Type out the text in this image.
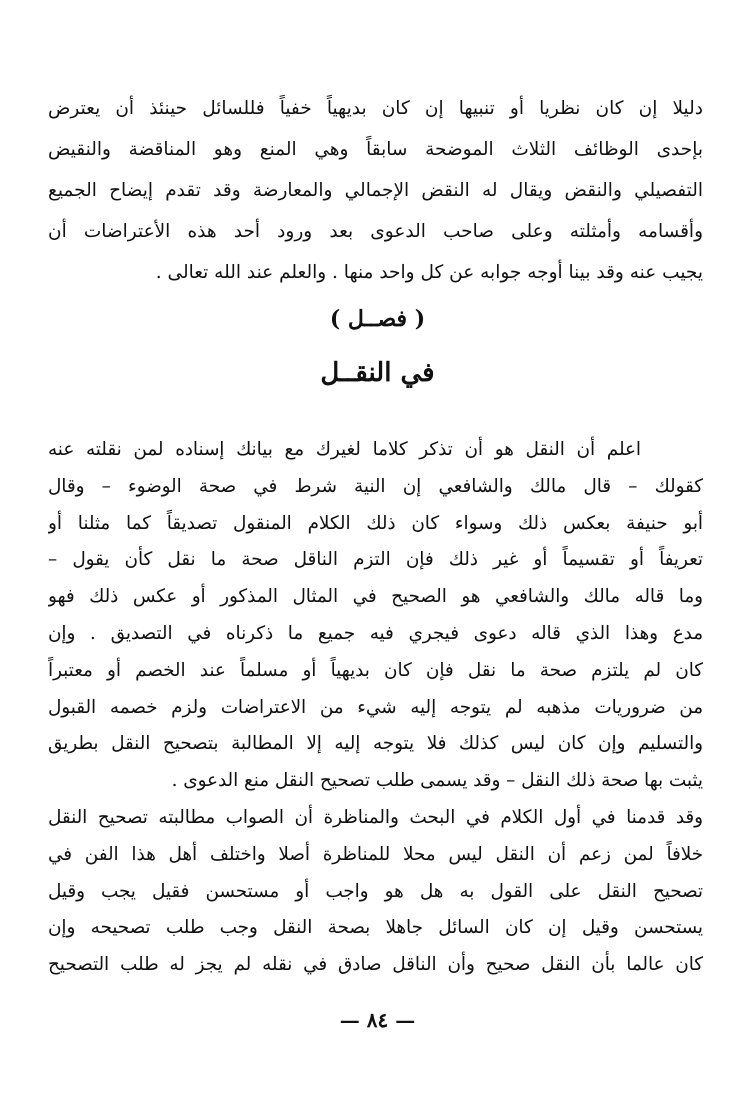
دليلا إن كان نظريا أو تنبيها إن كان بديهياً خفياً فللسائل حينئذ أن يعترض
بإحدى الوظائف الثلاث الموضحة سابقاً وهي المنع وهو المناقضة والنقيض
التفصيلي والنقض ويقال له النقض الإجمالي والمعارضة وقد تقدم إيضاح الجميع
وأقسامه وأمثلته وعلى صاحب الدعوى بعد ورود أحد هذه الأعتراضات أن
يجيب عنه وقد بينا أوجه جوابه عن كل واحد منها . والعلم عند الله تعالى .
( فصــل )
في النقــل
اعلم أن النقل هو أن تذكر كلاما لغيرك مع بيانك إسناده لمن نقلته عنه
كقولك – قال مالك والشافعي إن النية شرط في صحة الوضوء – وقال
أبو حنيفة بعكس ذلك وسواء كان ذلك الكلام المنقول تصديقاً كما مثلنا أو
تعريفاً أو تقسيماً أو غير ذلك فإن التزم الناقل صحة ما نقل كأن يقول –
وما قاله مالك والشافعي هو الصحيح في المثال المذكور أو عكس ذلك فهو
مدع وهذا الذي قاله دعوى فيجري فيه جميع ما ذكرناه في التصديق . وإن
كان لم يلتزم صحة ما نقل فإن كان بديهياً أو مسلماً عند الخصم أو معتبراً
من ضروريات مذهبه لم يتوجه إليه شيء من الاعتراضات ولزم خصمه القبول
والتسليم وإن كان ليس كذلك فلا يتوجه إليه إلا المطالبة بتصحيح النقل بطريق
يثبت بها صحة ذلك النقل – وقد يسمى طلب تصحيح النقل منع الدعوى .
وقد قدمنا في أول الكلام في البحث والمناظرة أن الصواب مطالبته تصحيح النقل
خلافاً لمن زعم أن النقل ليس محلا للمناظرة أصلا واختلف أهل هذا الفن في
تصحيح النقل على القول به هل هو واجب أو مستحسن فقيل يجب وقيل
يستحسن وقيل إن كان السائل جاهلا بصحة النقل وجب طلب تصحيحه وإن
كان عالما بأن النقل صحيح وأن الناقل صادق في نقله لم يجز له طلب التصحيح
— ٨٤ —
